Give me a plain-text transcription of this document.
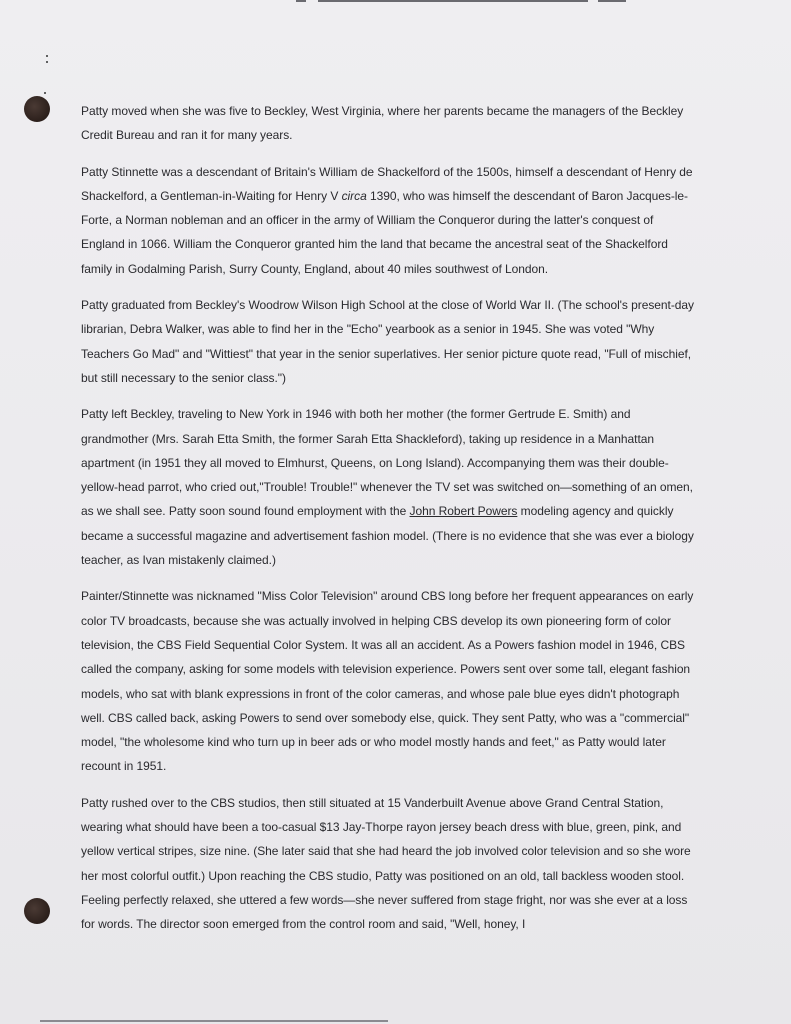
Patty moved when she was five to Beckley, West Virginia, where her parents became the managers of the Beckley Credit Bureau and ran it for many years.

Patty Stinnette was a descendant of Britain's William de Shackelford of the 1500s, himself a descendant of Henry de Shackelford, a Gentleman-in-Waiting for Henry V circa 1390, who was himself the descendant of Baron Jacques-le-Forte, a Norman nobleman and an officer in the army of William the Conqueror during the latter's conquest of England in 1066. William the Conqueror granted him the land that became the ancestral seat of the Shackelford family in Godalming Parish, Surry County, England, about 40 miles southwest of London.

Patty graduated from Beckley's Woodrow Wilson High School at the close of World War II. (The school's present-day librarian, Debra Walker, was able to find her in the "Echo" yearbook as a senior in 1945. She was voted "Why Teachers Go Mad" and "Wittiest" that year in the senior superlatives. Her senior picture quote read, "Full of mischief, but still necessary to the senior class.")

Patty left Beckley, traveling to New York in 1946 with both her mother (the former Gertrude E. Smith) and grandmother (Mrs. Sarah Etta Smith, the former Sarah Etta Shackleford), taking up residence in a Manhattan apartment (in 1951 they all moved to Elmhurst, Queens, on Long Island). Accompanying them was their double-yellow-head parrot, who cried out,"Trouble! Trouble!" whenever the TV set was switched on—something of an omen, as we shall see. Patty soon sound found employment with the John Robert Powers modeling agency and quickly became a successful magazine and advertisement fashion model. (There is no evidence that she was ever a biology teacher, as Ivan mistakenly claimed.)

Painter/Stinnette was nicknamed "Miss Color Television" around CBS long before her frequent appearances on early color TV broadcasts, because she was actually involved in helping CBS develop its own pioneering form of color television, the CBS Field Sequential Color System. It was all an accident. As a Powers fashion model in 1946, CBS called the company, asking for some models with television experience. Powers sent over some tall, elegant fashion models, who sat with blank expressions in front of the color cameras, and whose pale blue eyes didn't photograph well. CBS called back, asking Powers to send over somebody else, quick. They sent Patty, who was a "commercial" model, "the wholesome kind who turn up in beer ads or who model mostly hands and feet," as Patty would later recount in 1951.

Patty rushed over to the CBS studios, then still situated at 15 Vanderbuilt Avenue above Grand Central Station, wearing what should have been a too-casual $13 Jay-Thorpe rayon jersey beach dress with blue, green, pink, and yellow vertical stripes, size nine. (She later said that she had heard the job involved color television and so she wore her most colorful outfit.) Upon reaching the CBS studio, Patty was positioned on an old, tall backless wooden stool. Feeling perfectly relaxed, she uttered a few words—she never suffered from stage fright, nor was she ever at a loss for words. The director soon emerged from the control room and said, "Well, honey, I
